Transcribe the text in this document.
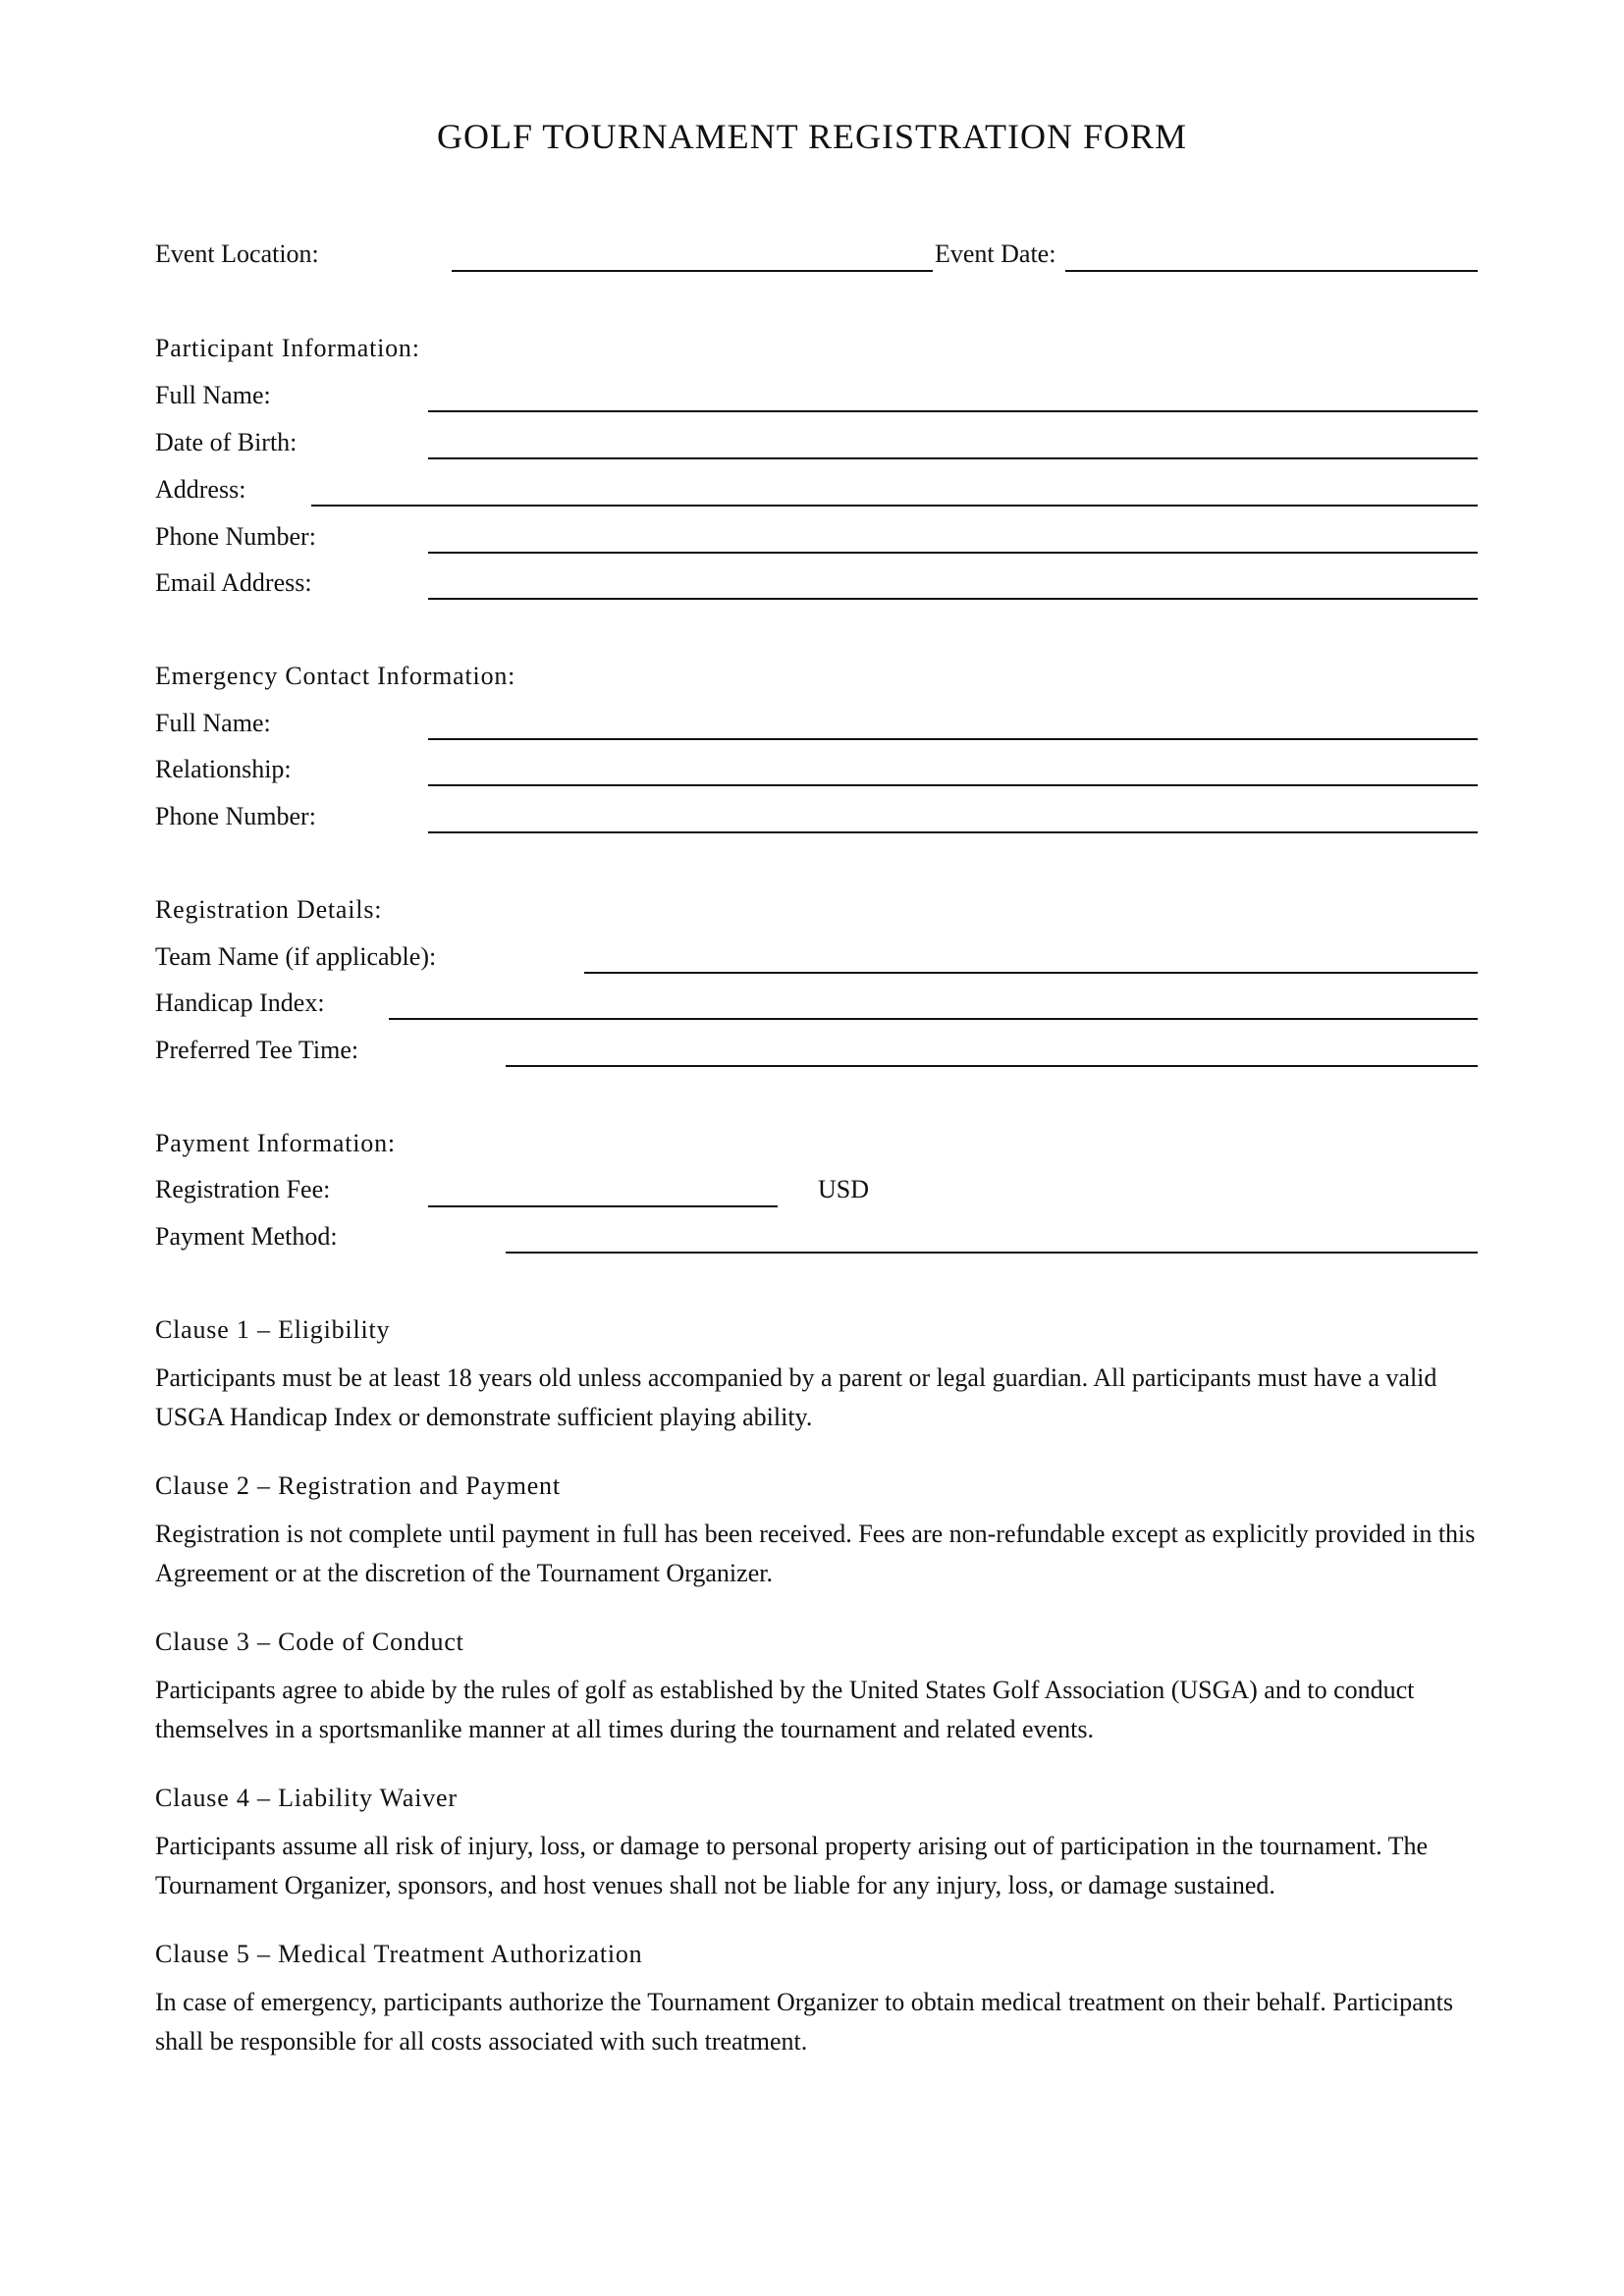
GOLF TOURNAMENT REGISTRATION FORM
Event Location:	Event Date:
Participant Information:
Full Name:
Date of Birth:
Address:
Phone Number:
Email Address:
Emergency Contact Information:
Full Name:
Relationship:
Phone Number:
Registration Details:
Team Name (if applicable):
Handicap Index:
Preferred Tee Time:
Payment Information:
Registration Fee:	USD
Payment Method:
Clause 1 – Eligibility

Participants must be at least 18 years old unless accompanied by a parent or legal guardian. All participants must have a valid USGA Handicap Index or demonstrate sufficient playing ability.

Clause 2 – Registration and Payment

Registration is not complete until payment in full has been received. Fees are non-refundable except as explicitly provided in this Agreement or at the discretion of the Tournament Organizer.

Clause 3 – Code of Conduct

Participants agree to abide by the rules of golf as established by the United States Golf Association (USGA) and to conduct themselves in a sportsmanlike manner at all times during the tournament and related events.

Clause 4 – Liability Waiver

Participants assume all risk of injury, loss, or damage to personal property arising out of participation in the tournament. The Tournament Organizer, sponsors, and host venues shall not be liable for any injury, loss, or damage sustained.

Clause 5 – Medical Treatment Authorization

In case of emergency, participants authorize the Tournament Organizer to obtain medical treatment on their behalf. Participants shall be responsible for all costs associated with such treatment.
